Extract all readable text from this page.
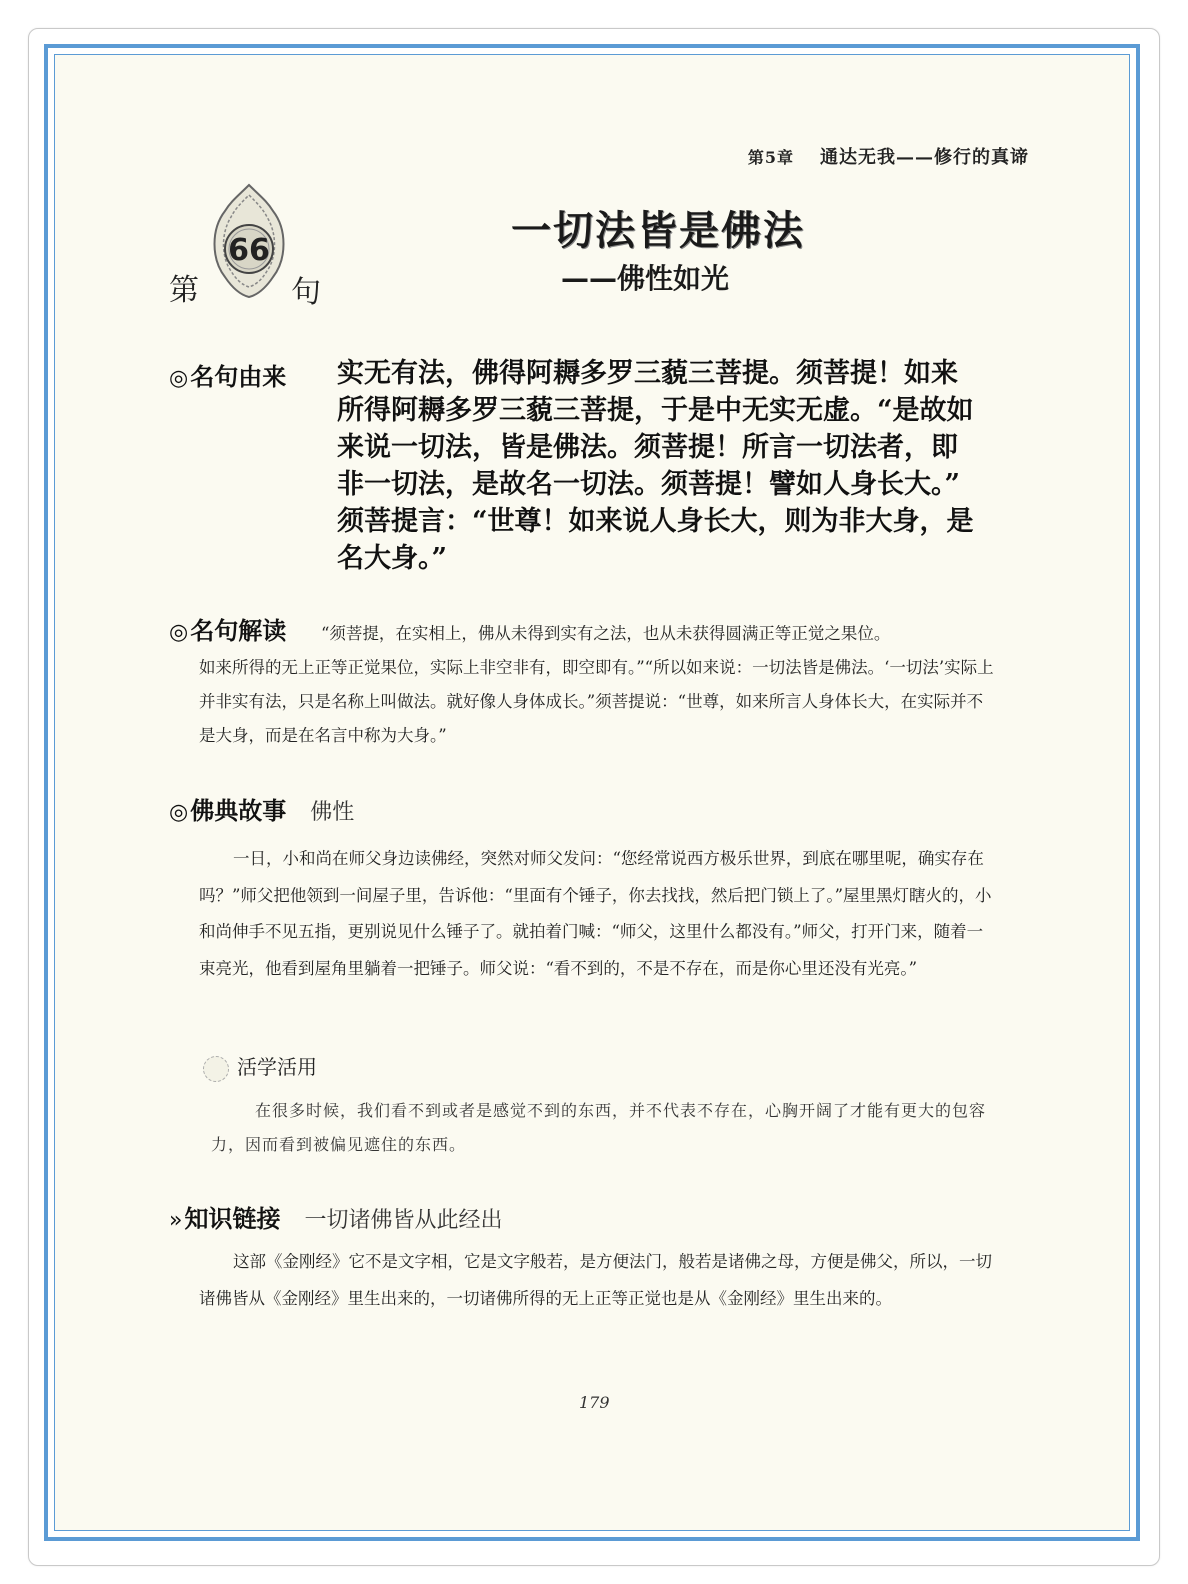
第5章 通达无我——修行的真谛
第
66
句
一切法皆是佛法
——佛性如光
◎名句由来 实无有法，佛得阿耨多罗三藐三菩提。须菩提！如来

所得阿耨多罗三藐三菩提，于是中无实无虚。“是故如

来说一切法，皆是佛法。须菩提！所言一切法者，即

非一切法，是故名一切法。须菩提！譬如人身长大。”

须菩提言：“世尊！如来说人身长大，则为非大身，是

名大身。”

◎名句解读	“须菩提，在实相上，佛从未得到实有之法，也从未获得圆满正等正觉之果位。
如来所得的无上正等正觉果位，实际上非空非有，即空即有。”“所以如来说：一切法皆是佛法。‘一切法’实际上并非实有法，只是名称上叫做法。就好像人身体成长。”须菩提说：“世尊，如来所言人身体长大，在实际并不是大身，而是在名言中称为大身。”
◎佛典故事 佛性
一日，小和尚在师父身边读佛经，突然对师父发问：“您经常说西方极乐世界，到底在哪里呢，确实存在吗？”师父把他领到一间屋子里，告诉他：“里面有个锤子，你去找找，然后把门锁上了。”屋里黑灯瞎火的，小和尚伸手不见五指，更别说见什么锤子了。就拍着门喊：“师父，这里什么都没有。”师父，打开门来，随着一束亮光，他看到屋角里躺着一把锤子。师父说：“看不到的，不是不存在，而是你心里还没有光亮。”
活学活用
在很多时候，我们看不到或者是感觉不到的东西，并不代表不存在，心胸开阔了才能有更大的包容力，因而看到被偏见遮住的东西。
»知识链接 一切诸佛皆从此经出
这部《金刚经》它不是文字相，它是文字般若，是方便法门，般若是诸佛之母，方便是佛父，所以，一切诸佛皆从《金刚经》里生出来的，一切诸佛所得的无上正等正觉也是从《金刚经》里生出来的。
179
